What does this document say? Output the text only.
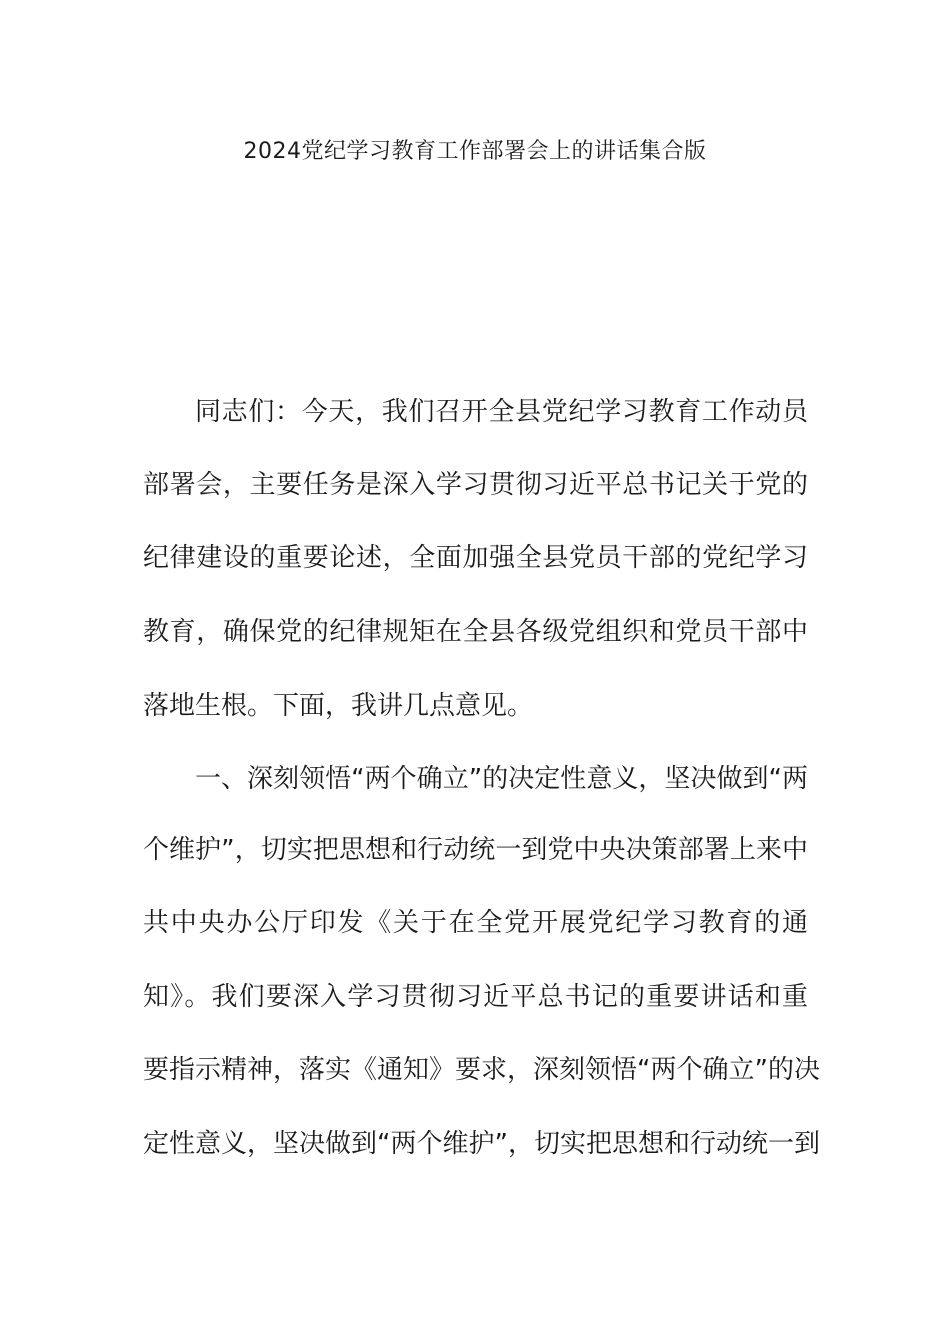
2024党纪学习教育工作部署会上的讲话集合版
同志们：今天，我们召开全县党纪学习教育工作动员
部署会，主要任务是深入学习贯彻习近平总书记关于党的
纪律建设的重要论述，全面加强全县党员干部的党纪学习
教育，确保党的纪律规矩在全县各级党组织和党员干部中
落地生根。下面，我讲几点意见。
一、深刻领悟“两个确立”的决定性意义，坚决做到“两
个维护”，切实把思想和行动统一到党中央决策部署上来中
共中央办公厅印发《关于在全党开展党纪学习教育的通
知》。我们要深入学习贯彻习近平总书记的重要讲话和重
要指示精神，落实《通知》要求，深刻领悟“两个确立”的决
定性意义，坚决做到“两个维护”，切实把思想和行动统一到
